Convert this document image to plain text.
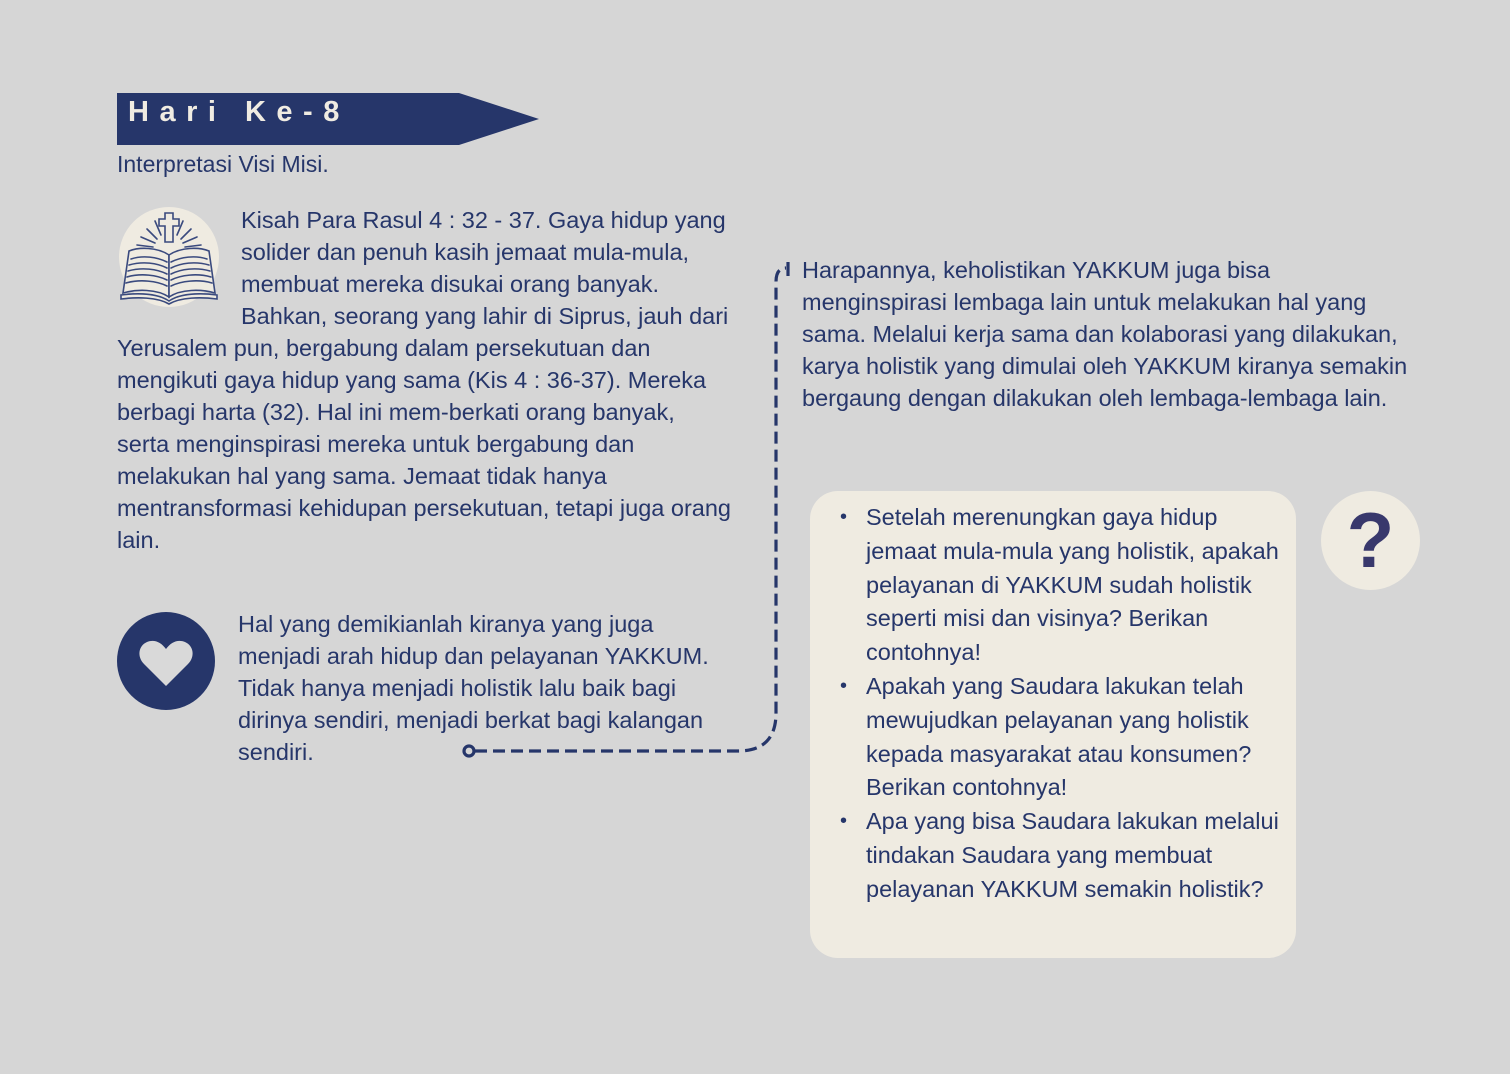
Hari Ke-8

Interpretasi Visi Misi.

Kisah Para Rasul 4 : 32 - 37. Gaya hidup yang solider dan penuh kasih jemaat mula-mula, membuat mereka disukai orang banyak. Bahkan, seorang yang lahir di Siprus, jauh dari Yerusalem pun, bergabung dalam persekutuan dan mengikuti gaya hidup yang sama (Kis 4 : 36-37). Mereka berbagi harta (32). Hal ini mem-berkati orang banyak, serta menginspirasi mereka untuk bergabung dan melakukan hal yang sama. Jemaat tidak hanya mentransformasi kehidupan persekutuan, tetapi juga orang lain.

Hal yang demikianlah kiranya yang juga menjadi arah hidup dan pelayanan YAKKUM. Tidak hanya menjadi holistik lalu baik bagi dirinya sendiri, menjadi berkat bagi kalangan sendiri.

Harapannya, keholistikan YAKKUM juga bisa menginspirasi lembaga lain untuk melakukan hal yang sama. Melalui kerja sama dan kolaborasi yang dilakukan, karya holistik yang dimulai oleh YAKKUM kiranya semakin bergaung dengan dilakukan oleh lembaga-lembaga lain.

• Setelah merenungkan gaya hidup jemaat mula-mula yang holistik, apakah pelayanan di YAKKUM sudah holistik seperti misi dan visinya? Berikan contohnya!
• Apakah yang Saudara lakukan telah mewujudkan pelayanan yang holistik kepada masyarakat atau konsumen? Berikan contohnya!
• Apa yang bisa Saudara lakukan melalui tindakan Saudara yang membuat pelayanan YAKKUM semakin holistik?
?
